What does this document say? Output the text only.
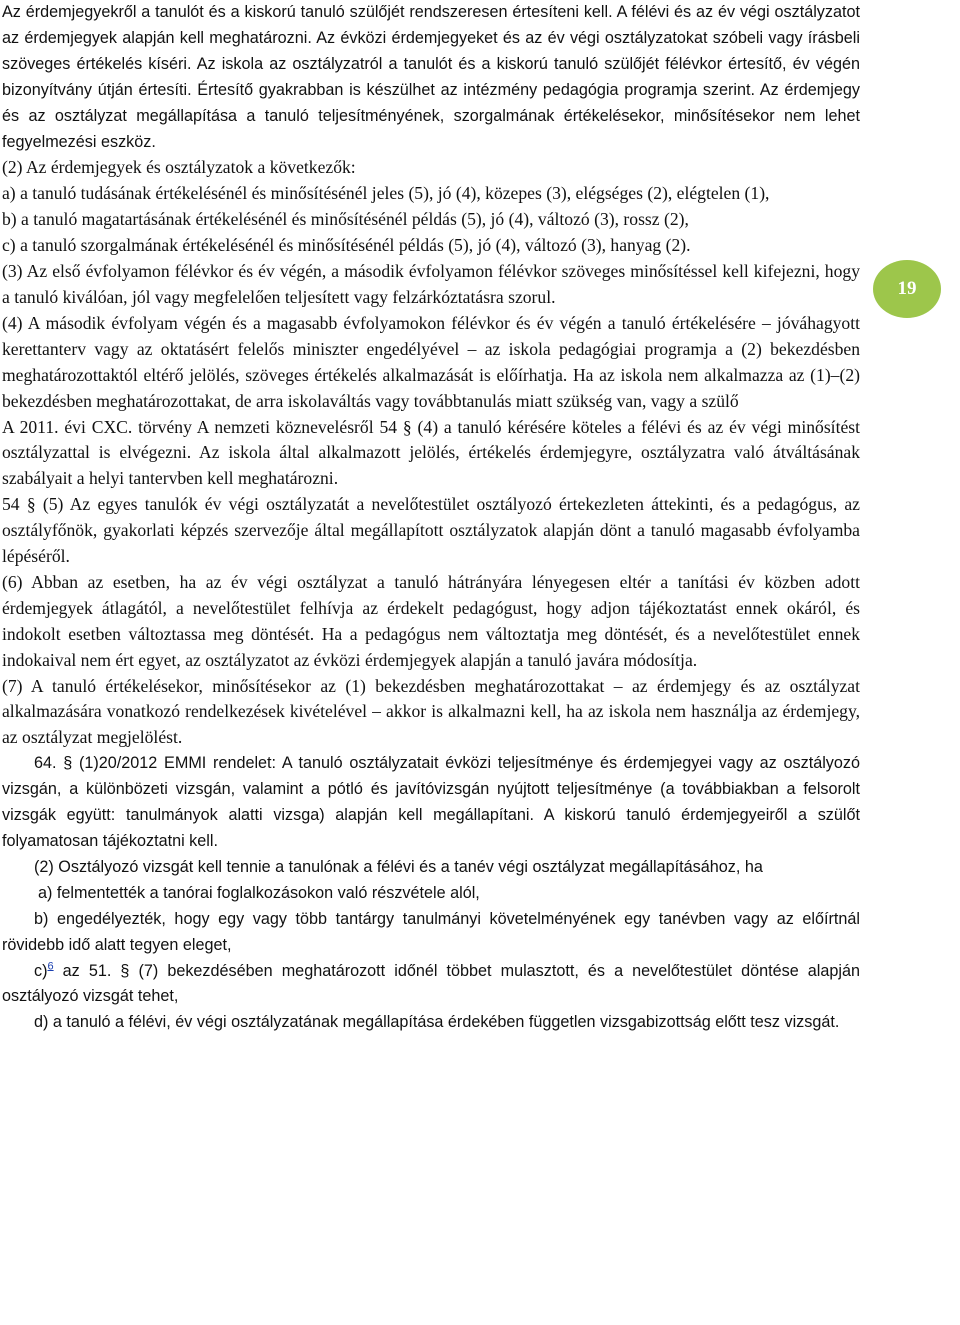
Az érdemjegyekről a tanulót és a kiskorú tanuló szülőjét rendszeresen értesíteni kell. A félévi és az év végi osztályzatot az érdemjegyek alapján kell meghatározni. Az évközi érdemjegyeket és az év végi osztályzatokat szóbeli vagy írásbeli szöveges értékelés kíséri. Az iskola az osztályzatról a tanulót és a kiskorú tanuló szülőjét félévkor értesítő, év végén bizonyítvány útján értesíti. Értesítő gyakrabban is készülhet az intézmény pedagógia programja szerint. Az érdemjegy és az osztályzat megállapítása a tanuló teljesítményének, szorgalmának értékelésekor, minősítésekor nem lehet fegyelmezési eszköz.

(2) Az érdemjegyek és osztályzatok a következők:

a) a tanuló tudásának értékelésénél és minősítésénél jeles (5), jó (4), közepes (3), elégséges (2), elégtelen (1),

b) a tanuló magatartásának értékelésénél és minősítésénél példás (5), jó (4), változó (3), rossz (2),

c) a tanuló szorgalmának értékelésénél és minősítésénél példás (5), jó (4), változó (3), hanyag (2).

(3) Az első évfolyamon félévkor és év végén, a második évfolyamon félévkor szöveges minősítéssel kell kifejezni, hogy a tanuló kiválóan, jól vagy megfelelően teljesített vagy felzárkóztatásra szorul.

(4) A második évfolyam végén és a magasabb évfolyamokon félévkor és év végén a tanuló értékelésére – jóváhagyott kerettanterv vagy az oktatásért felelős miniszter engedélyével – az iskola pedagógiai programja a (2) bekezdésben meghatározottaktól eltérő jelölés, szöveges értékelés alkalmazását is előírhatja. Ha az iskola nem alkalmazza az (1)–(2) bekezdésben meghatározottakat, de arra iskolaváltás vagy továbbtanulás miatt szükség van, vagy a szülő

A 2011. évi CXC. törvény A nemzeti köznevelésről 54 § (4) a tanuló kérésére köteles a félévi és az év végi minősítést osztályzattal is elvégezni. Az iskola által alkalmazott jelölés, értékelés érdemjegyre, osztályzatra való átváltásának szabályait a helyi tantervben kell meghatározni.

54 § (5) Az egyes tanulók év végi osztályzatát a nevelőtestület osztályozó értekezleten áttekinti, és a pedagógus, az osztályfőnök, gyakorlati képzés szervezője által megállapított osztályzatok alapján dönt a tanuló magasabb évfolyamba lépéséről.

(6) Abban az esetben, ha az év végi osztályzat a tanuló hátrányára lényegesen eltér a tanítási év közben adott érdemjegyek átlagától, a nevelőtestület felhívja az érdekelt pedagógust, hogy adjon tájékoztatást ennek okáról, és indokolt esetben változtassa meg döntését. Ha a pedagógus nem változtatja meg döntését, és a nevelőtestület ennek indokaival nem ért egyet, az osztályzatot az évközi érdemjegyek alapján a tanuló javára módosítja.

(7) A tanuló értékelésekor, minősítésekor az (1) bekezdésben meghatározottakat – az érdemjegy és az osztályzat alkalmazására vonatkozó rendelkezések kivételével – akkor is alkalmazni kell, ha az iskola nem használja az érdemjegy, az osztályzat megjelölést.

64. § (1)20/2012 EMMI rendelet: A tanuló osztályzatait évközi teljesítménye és érdemjegyei vagy az osztályozó vizsgán, a különbözeti vizsgán, valamint a pótló és javítóvizsgán nyújtott teljesítménye (a továbbiakban a felsorolt vizsgák együtt: tanulmányok alatti vizsga) alapján kell megállapítani. A kiskorú tanuló érdemjegyeiről a szülőt folyamatosan tájékoztatni kell.

(2) Osztályozó vizsgát kell tennie a tanulónak a félévi és a tanév végi osztályzat megállapításához, ha

a) felmentették a tanórai foglalkozásokon való részvétele alól,

b) engedélyezték, hogy egy vagy több tantárgy tanulmányi követelményének egy tanévben vagy az előírtnál rövidebb idő alatt tegyen eleget,

c)$^6$ az 51. § (7) bekezdésében meghatározott időnél többet mulasztott, és a nevelőtestület döntése alapján osztályozó vizsgát tehet,

d) a tanuló a félévi, év végi osztályzatának megállapítása érdekében független vizsgabizottság előtt tesz vizsgát.

19
